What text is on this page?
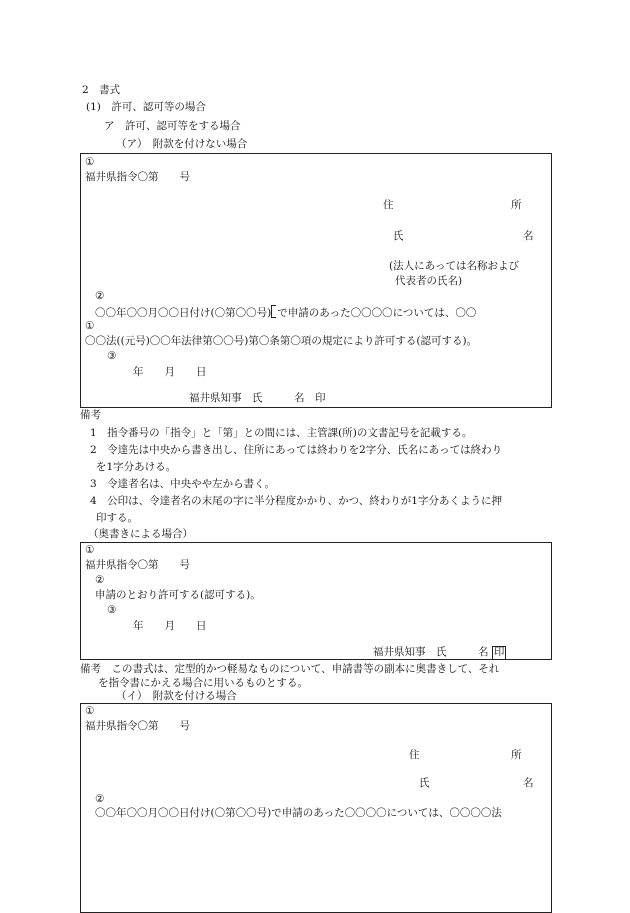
2　書式
(1)　許可、認可等の場合
ア　許可、認可等をする場合
（ア）　附款を付けない場合
①
福井県指令〇第　　号
住	所
氏	名
(法人にあっては名称および
代表者の氏名)
②
〇〇年〇〇月〇〇日付け(〇第〇〇号) で申請のあった〇〇〇〇については、〇〇
①
〇〇法((元号)〇〇年法律第〇〇号)第〇条第〇項の規定により許可する(認可する)。
③
年　　月　　日
福井県知事　氏　　　名　印
備考
1　指令番号の「指令」と「第」との間には、主管課(所)の文書記号を記載する。
2　令達先は中央から書き出し、住所にあっては終わりを2字分、氏名にあっては終わり
を1字分あける。
3　令達者名は、中央やや左から書く。
4　公印は、令達者名の末尾の字に半分程度かかり、かつ、終わりが1字分あくように押
印する。
（奥書きによる場合）
①
福井県指令〇第　　号
②
申請のとおり許可する(認可する)。
③
年　　月　　日
福井県知事　氏　　　名 印
備考　この書式は、定型的かつ軽易なものについて、申請書等の副本に奥書きして、それ
を指令書にかえる場合に用いるものとする。
（イ）　附款を付ける場合
①
福井県指令〇第　　号
住	所
氏	名
②
〇〇年〇〇月〇〇日付け(〇第〇〇号)で申請のあった〇〇〇〇については、〇〇〇〇法
